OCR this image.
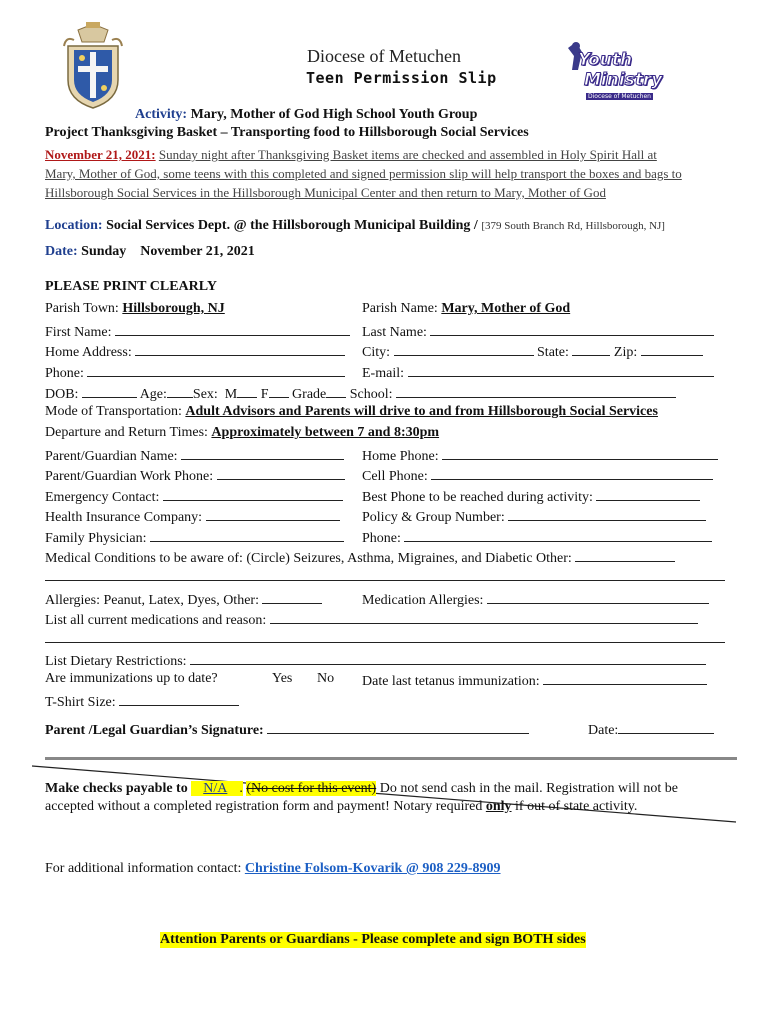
Diocese of Metuchen
Teen Permission Slip
Youth
Ministry
Diocese of Metuchen
Activity: Mary, Mother of God High School Youth Group
Project Thanksgiving Basket – Transporting food to Hillsborough Social Services
November 21, 2021: Sunday night after Thanksgiving Basket items are checked and assembled in Holy Spirit Hall at
Mary, Mother of God, some teens with this completed and signed permission slip will help transport the boxes and bags to
Hillsborough Social Services in the Hillsborough Municipal Center and then return to Mary, Mother of God
Location: Social Services Dept. @ the Hillsborough Municipal Building / [379 South Branch Rd, Hillsborough, NJ]
Date: Sunday    November 21, 2021
PLEASE PRINT CLEARLY
Parish Town: Hillsborough, NJ	Parish Name: Mary, Mother of God
First Name:	Last Name:
Home Address:	City:	State:	Zip:
Phone:	E-mail:
DOB:	Age: Sex: M F Grade School:
Mode of Transportation: Adult Advisors and Parents will drive to and from Hillsborough Social Services
Departure and Return Times: Approximately between 7 and 8:30pm
Parent/Guardian Name:	Home Phone:
Parent/Guardian Work Phone:	Cell Phone:
Emergency Contact:	Best Phone to be reached during activity:
Health Insurance Company:	Policy & Group Number:
Family Physician:	Phone:
Medical Conditions to be aware of: (Circle) Seizures, Asthma, Migraines, and Diabetic Other:
Allergies: Peanut, Latex, Dyes, Other:	Medication Allergies:
List all current medications and reason:
List Dietary Restrictions:
Are immunizations up to date?	Yes No Date last tetanus immunization:
T-Shirt Size:
Parent /Legal Guardian’s Signature:	Date:
Make checks payable to N/A . (No cost for this event) Do not send cash in the mail. Registration will not be
accepted without a completed registration form and payment! Notary required only if out of state activity.
For additional information contact: Christine Folsom-Kovarik @ 908 229-8909
Attention Parents or Guardians - Please complete and sign BOTH sides
